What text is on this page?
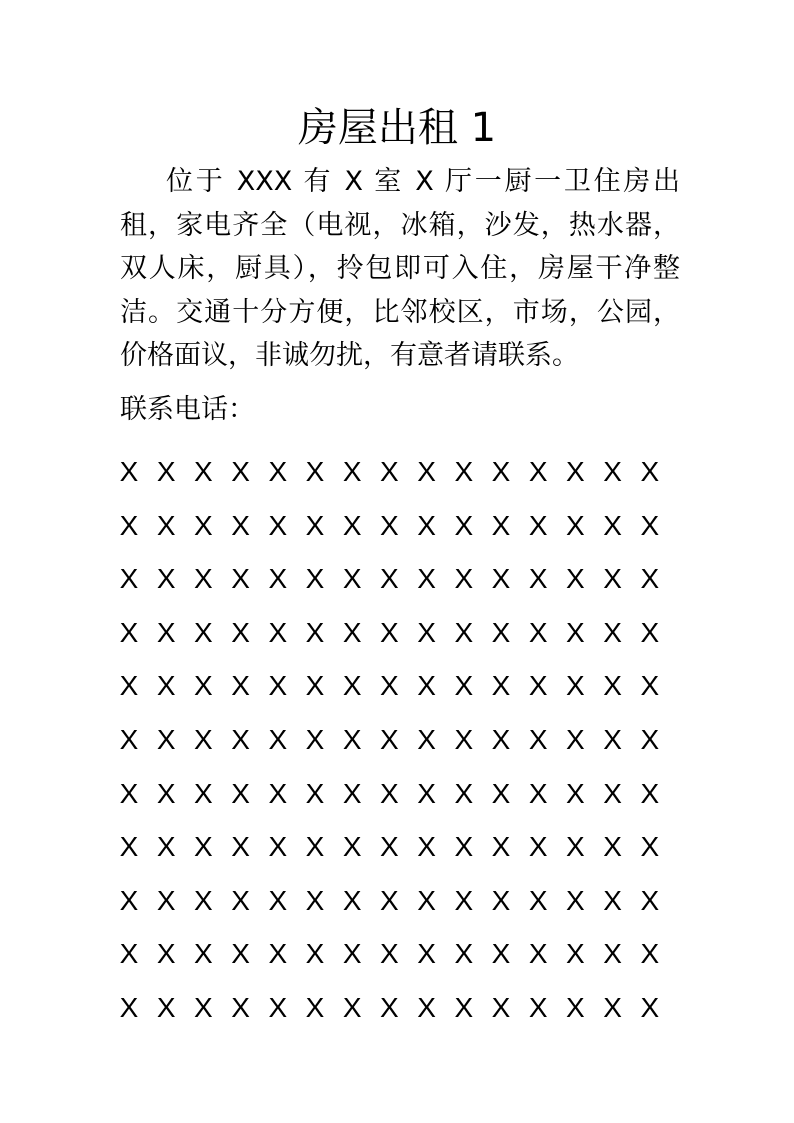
房屋出租 1

位于 XXX 有 X 室 X 厅一厨一卫住房出租，家电齐全（电视，冰箱，沙发，热水器，双人床，厨具），拎包即可入住，房屋干净整洁。交通十分方便，比邻校区，市场，公园，价格面议，非诚勿扰，有意者请联系。

联系电话：
X X X X X X X X X X X X X X X
X X X X X X X X X X X X X X X
X X X X X X X X X X X X X X X
X X X X X X X X X X X X X X X
X X X X X X X X X X X X X X X
X X X X X X X X X X X X X X X
X X X X X X X X X X X X X X X
X X X X X X X X X X X X X X X
X X X X X X X X X X X X X X X
X X X X X X X X X X X X X X X
X X X X X X X X X X X X X X X
